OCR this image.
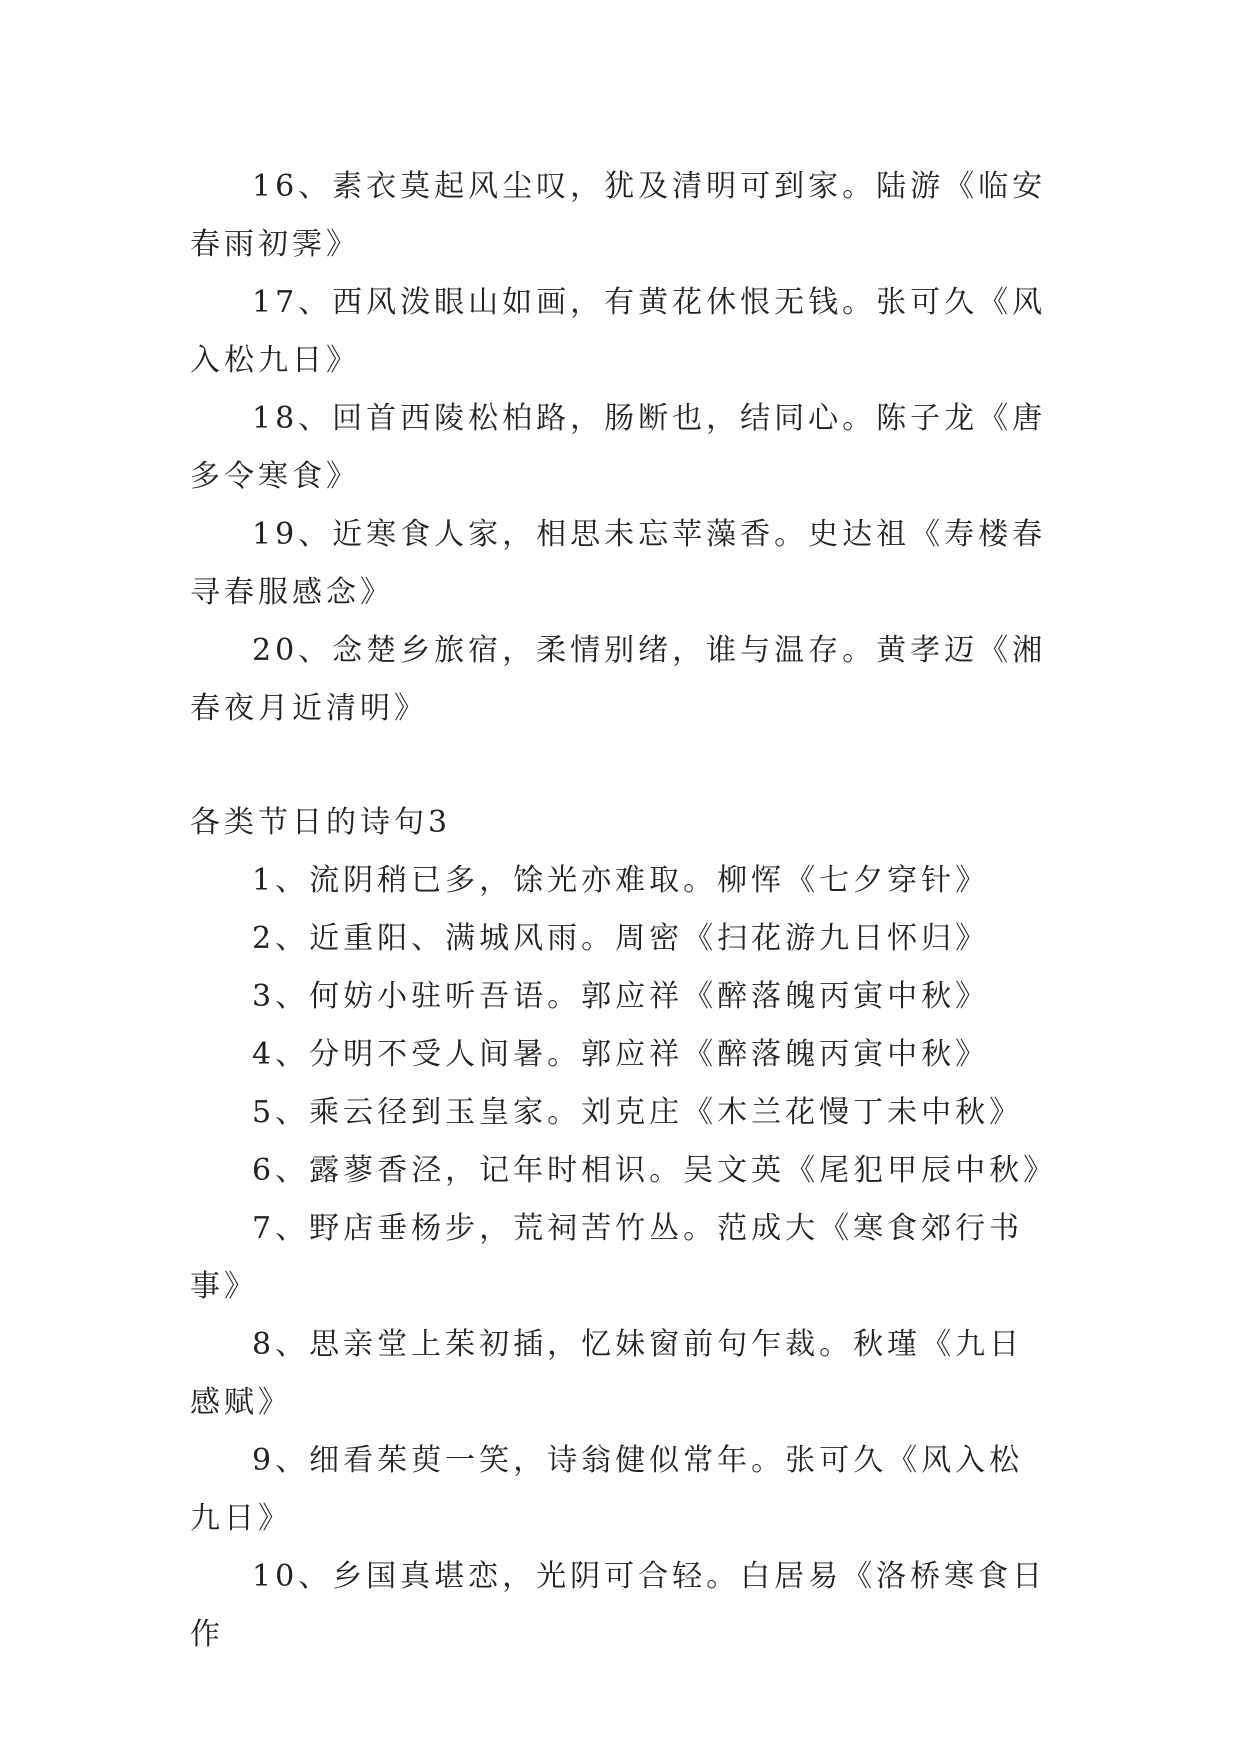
16、素衣莫起风尘叹，犹及清明可到家。陆游《临安春雨初霁》

17、西风泼眼山如画，有黄花休恨无钱。张可久《风入松九日》

18、回首西陵松柏路，肠断也，结同心。陈子龙《唐多令寒食》

19、近寒食人家，相思未忘苹藻香。史达祖《寿楼春寻春服感念》

20、念楚乡旅宿，柔情别绪，谁与温存。黄孝迈《湘春夜月近清明》

各类节日的诗句3

1、流阴稍已多，馀光亦难取。柳恽《七夕穿针》

2、近重阳、满城风雨。周密《扫花游九日怀归》

3、何妨小驻听吾语。郭应祥《醉落魄丙寅中秋》

4、分明不受人间暑。郭应祥《醉落魄丙寅中秋》

5、乘云径到玉皇家。刘克庄《木兰花慢丁未中秋》

6、露蓼香泾，记年时相识。吴文英《尾犯甲辰中秋》

7、野店垂杨步，荒祠苦竹丛。范成大《寒食郊行书事》

8、思亲堂上茱初插，忆妹窗前句乍裁。秋瑾《九日感赋》

9、细看茱萸一笑，诗翁健似常年。张可久《风入松九日》

10、乡国真堪恋，光阴可合轻。白居易《洛桥寒食日作
